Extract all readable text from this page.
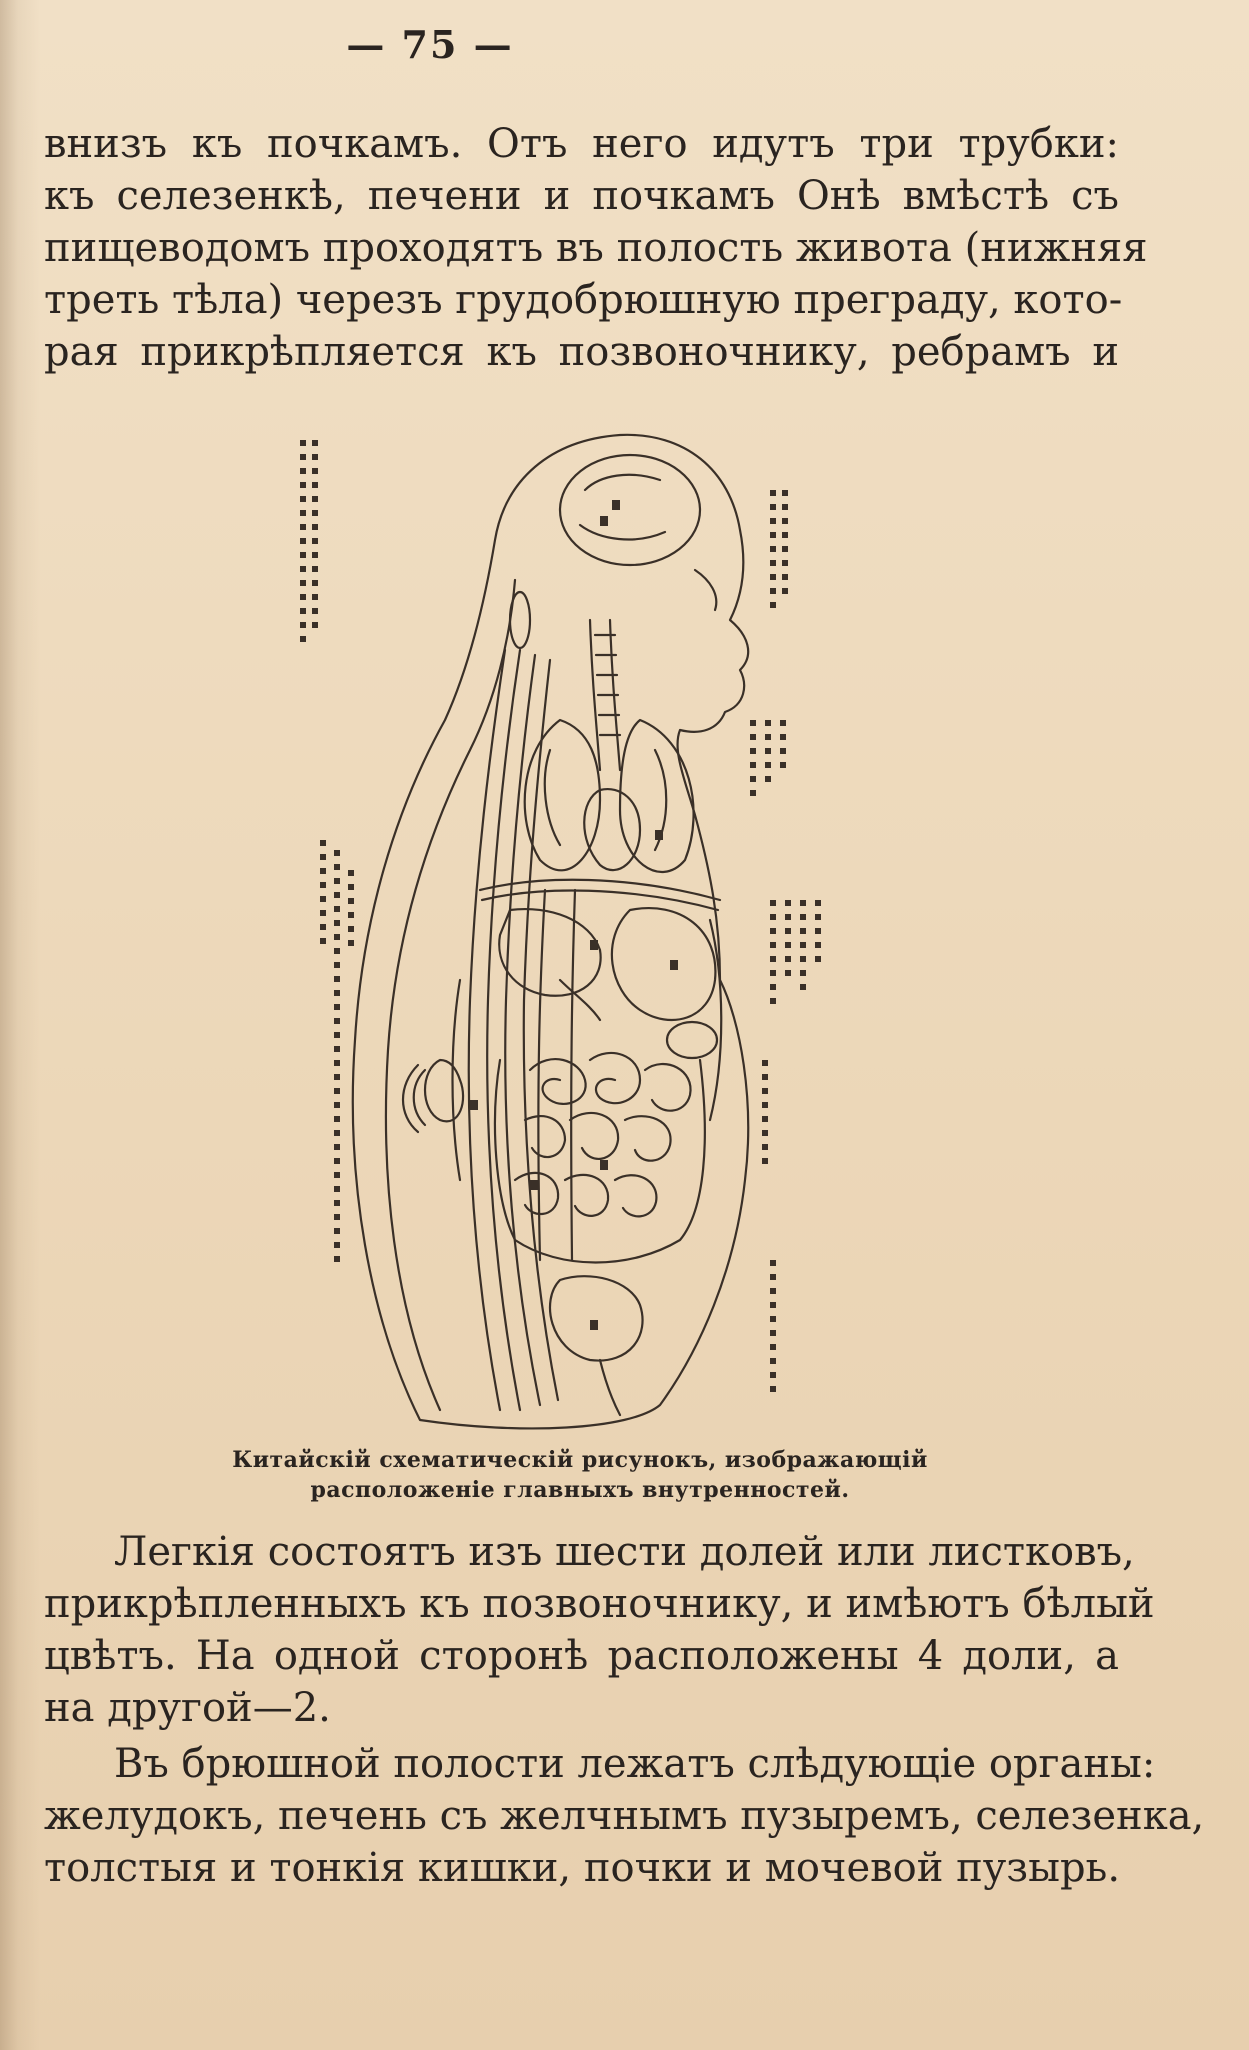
— 75 —

внизъ къ почкамъ. Отъ него идутъ три трубки:
къ селезенкѣ, печени и почкамъ Онѣ вмѣстѣ съ
пищеводомъ проходятъ въ полость живота (нижняя
треть тѣла) черезъ грудобрюшную преграду, кото-
рая прикрѣпляется къ позвоночнику, ребрамъ и

Китайскій схематическій рисунокъ, изображающій
расположеніе главныхъ внутренностей.

Легкія состоятъ изъ шести долей или листковъ,
прикрѣпленныхъ къ позвоночнику, и имѣютъ бѣлый
цвѣтъ. На одной сторонѣ расположены 4 доли, а
на другой—2.

Въ брюшной полости лежатъ слѣдующіе органы:
желудокъ, печень съ желчнымъ пузыремъ, селезенка,
толстыя и тонкія кишки, почки и мочевой пузырь.
